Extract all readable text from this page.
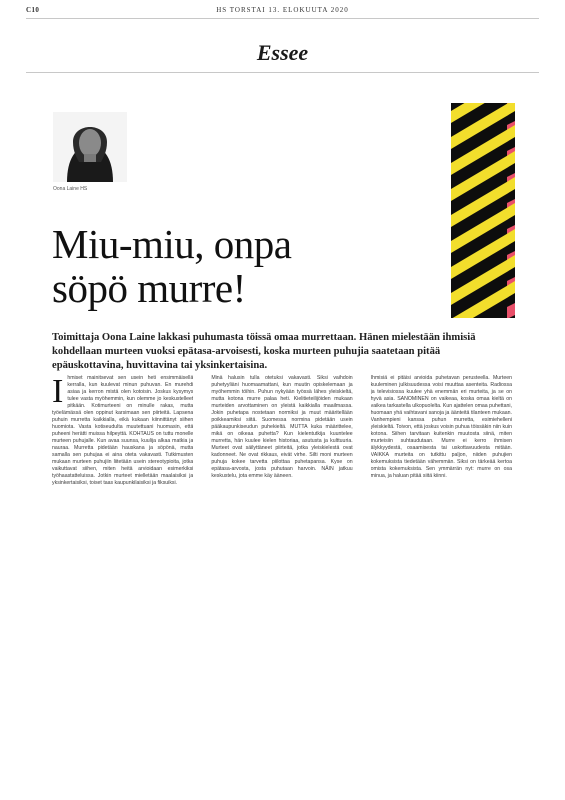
C10	HS TORSTAI 13. ELOKUUTA 2020
Essee
Oona Laine HS
Miu-miu, onpa
söpö murre!

Toimittaja Oona Laine lakkasi puhumasta töissä omaa murrettaan. Hänen mielestään ihmisiä kohdellaan murteen vuoksi epätasa-arvoisesti, koska murteen puhujia saatetaan pitää epäuskottavina, huvittavina tai yksinkertaisina.

I hmiset mainitsevat sen usein heti ensimmäisellä kerralla, kun kuulevat minun puhuvan. En murehdi asiaa ja kerron mistä olen kotoisin. Joskus kysymys tulee vasta myöhemmin, kun olemme jo keskustelleet pitkään. Kotimurteeni on minulle rakas, mutta työelämässä olen oppinut karsimaan sen piirteitä. Lapsena puhuin murretta kaikkialla, eikä kukaan kiinnittänyt siihen huomiota. Vasta kotiseudulta muutettuani huomasin, että puheeni herätti muissa hilpeyttä. KOHTAUS on tuttu monelle murteen puhujalle. Kun avaa suunsa, kuulija alkaa matkia ja nauraa. Murretta pidetään hauskana ja söpönä, mutta samalla sen puhujaa ei aina oteta vakavasti. Tutkimusten mukaan murteen puhujiin liitetään usein stereotypioita, jotka vaikuttavat siihen, miten heitä arvioidaan esimerkiksi työhaastatteluissa. Jotkin murteet mielletään maalaisiksi ja yksinkertaisiksi, toiset taas kaupunkilaisiksi ja fiksuiksi.

Minä halusin tulla otetuksi vakavasti. Siksi vaihdoin puhetyyliäni huomaamattani, kun muutin opiskelemaan ja myöhemmin töihin. Puhun nykyään työssä lähes yleiskieltä, mutta kotona murre palaa heti. Kielitieteilijöiden mukaan murteiden arvottaminen on yleistä kaikkialla maailmassa. Jokin puhetapa nostetaan normiksi ja muut määritellään poikkeamiksi siitä. Suomessa normina pidetään usein pääkaupunkiseudun puhekieltä. MUTTA kuka määrittelee, mikä on oikeaa puhetta? Kun kielentutkija kuuntelee murretta, hän kuulee kielen historiaa, asutusta ja kulttuuria. Murteet ovat säilyttäneet piirteitä, jotka yleiskielestä ovat kadonneet. Ne ovat rikkaus, eivät virhe. Silti moni murteen puhuja kokee tarvetta piilottaa puhetapansa. Kyse on epätasa-arvosta, josta puhutaan harvoin. NÄIN jatkuu keskustelu, jota emme käy ääneen.

Ihmisiä ei pitäisi arvioida puhetavan perusteella. Murteen kuuleminen julkisuudessa voisi muuttaa asenteita. Radiossa ja televisiossa kuulee yhä enemmän eri murteita, ja se on hyvä asia. SANOMINEN on vaikeaa, koska omaa kieltä on vaikea tarkastella ulkopuolelta. Kun ajattelen omaa puhettani, huomaan yhä vaihtavani sanoja ja äänteitä tilanteen mukaan. Vanhempieni kanssa puhun murretta, esimiehelleni yleiskieltä. Toivon, että joskus voisin puhua töissäkin niin kuin kotona. Siihen tarvitaan kuitenkin muutosta siinä, miten murteisiin suhtaudutaan. Murre ei kerro ihmisen älykkyydestä, osaamisesta tai uskottavuudesta mitään. VAIKKA murteita on tutkittu paljon, niiden puhujien kokemuksista tiedetään vähemmän. Siksi on tärkeää kertoa omista kokemuksista. Sen ymmärrän nyt: murre on osa minua, ja haluan pitää siitä kiinni.
